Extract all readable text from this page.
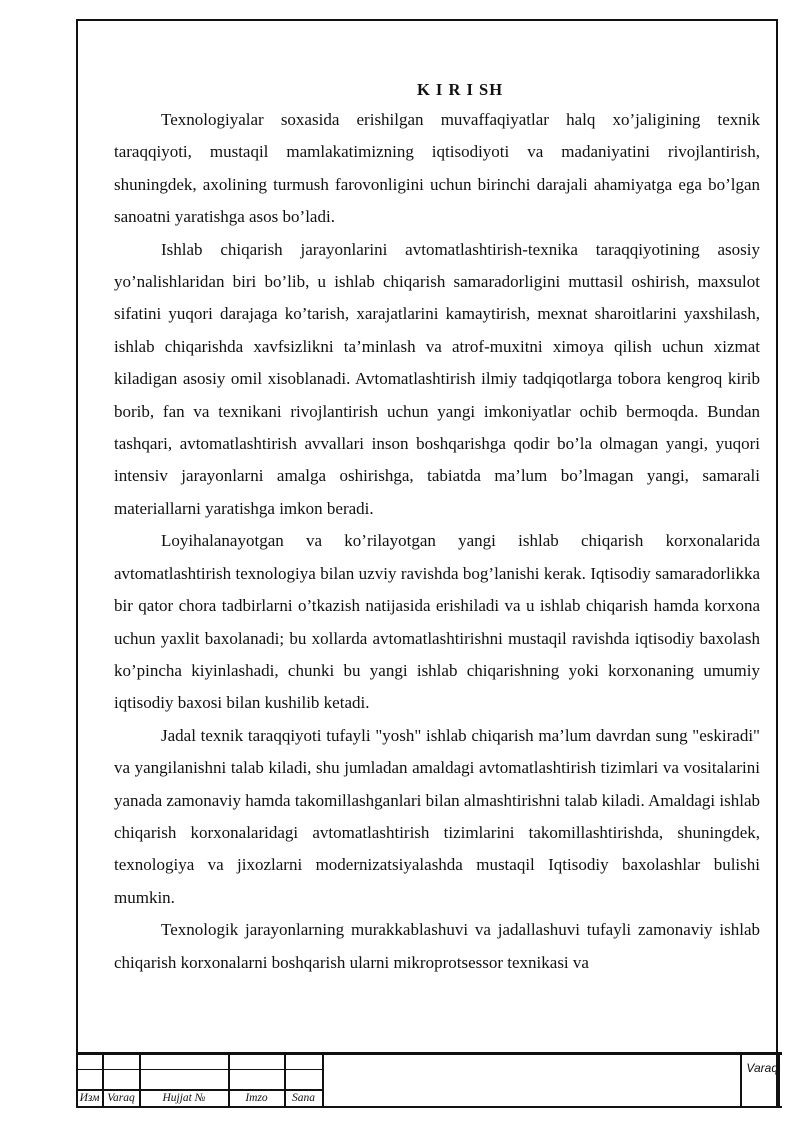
K I R I SH

Texnologiyalar soxasida erishilgan muvaffaqiyatlar halq xo’jaligining texnik taraqqiyoti, mustaqil mamlakatimizning iqtisodiyoti va madaniyatini rivojlantirish, shuningdek, axolining turmush farovonligini uchun birinchi darajali ahamiyatga ega bo’lgan sanoatni yaratishga asos bo’ladi.

Ishlab chiqarish jarayonlarini avtomatlashtirish-texnika taraqqiyotining asosiy yo’nalishlaridan biri bo’lib, u ishlab chiqarish samaradorligini muttasil oshirish, maxsulot sifatini yuqori darajaga ko’tarish, xarajatlarini kamaytirish, mexnat sharoitlarini yaxshilash, ishlab chiqarishda xavfsizlikni ta’minlash va atrof-muxitni ximoya qilish uchun xizmat kiladigan asosiy omil xisoblanadi. Avtomatlashtirish ilmiy tadqiqotlarga tobora kengroq kirib borib, fan va texnikani rivojlantirish uchun yangi imkoniyatlar ochib bermoqda. Bundan tashqari, avtomatlashtirish avvallari inson boshqarishga qodir bo’la olmagan yangi, yuqori intensiv jarayonlarni amalga oshirishga, tabiatda ma’lum bo’lmagan yangi, samarali materiallarni yaratishga imkon beradi.

Loyihalanayotgan va ko’rilayotgan yangi ishlab chiqarish korxonalarida avtomatlashtirish texnologiya bilan uzviy ravishda bog’lanishi kerak. Iqtisodiy samaradorlikka bir qator chora tadbirlarni o’tkazish natijasida erishiladi va u ishlab chiqarish hamda korxona uchun yaxlit baxolanadi; bu xollarda avtomatlashtirishni mustaqil ravishda iqtisodiy baxolash ko’pincha kiyinlashadi, chunki bu yangi ishlab chiqarishning yoki korxonaning umumiy iqtisodiy baxosi bilan kushilib ketadi.

Jadal texnik taraqqiyoti tufayli "yosh" ishlab chiqarish ma’lum davrdan sung "eskiradi" va yangilanishni talab kiladi, shu jumladan amaldagi avtomatlashtirish tizimlari va vositalarini yanada zamonaviy hamda takomillashganlari bilan almashtirishni talab kiladi. Amaldagi ishlab chiqarish korxonalaridagi avtomatlashtirish tizimlarini takomillashtirishda, shuningdek, texnologiya va jixozlarni modernizatsiyalashda mustaqil Iqtisodiy baxolashlar bulishi mumkin.

Texnologik jarayonlarning murakkablashuvi va jadallashuvi tufayli zamonaviy ishlab chiqarish korxonalarni boshqarish ularni mikroprotsessor texnikasi va

Изм Varaq	Hujjat №	Imzo	Sana
Varaq
